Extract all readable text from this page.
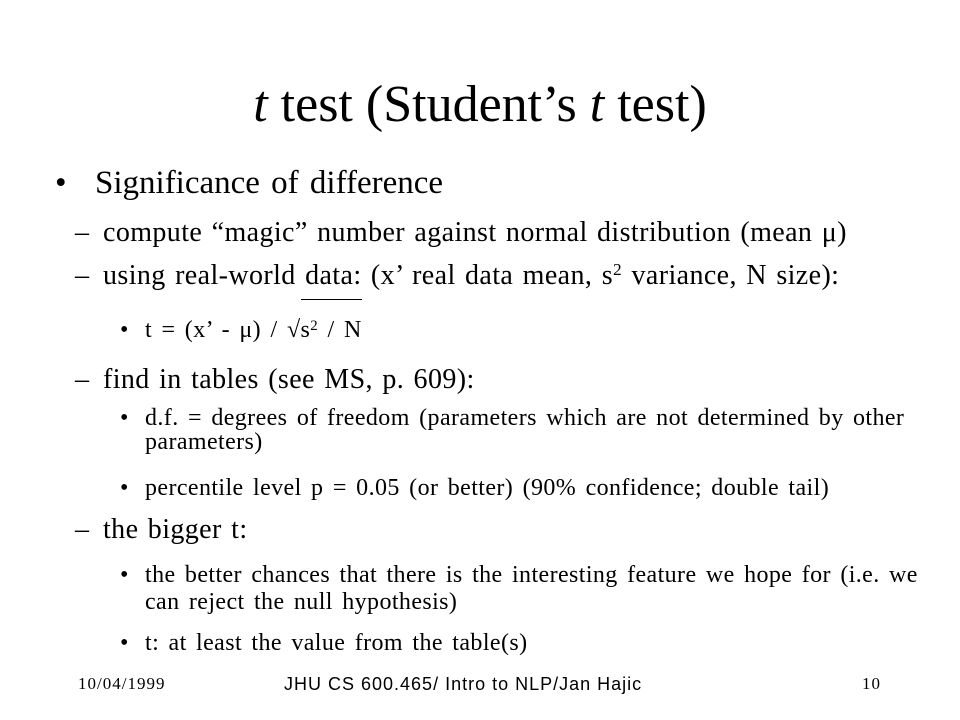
t test (Student’s t test)
• Significance of difference
– compute “magic” number against normal distribution (mean μ)
– using real-world data: (x’ real data mean, $s^2$ variance, N size):
• t = (x’ - $\mu) / √s^2$ / N
– find in tables (see MS, p. 609):
• d.f. = degrees of freedom (parameters which are not determined by other
parameters)
• percentile level p = 0.05 (or better) (90% confidence; double tail)
– the bigger t:
• the better chances that there is the interesting feature we hope for (i.e. we
can reject the null hypothesis)
• t: at least the value from the table(s)
10/04/1999	JHU CS 600.465/ Intro to NLP/Jan Hajic	10
